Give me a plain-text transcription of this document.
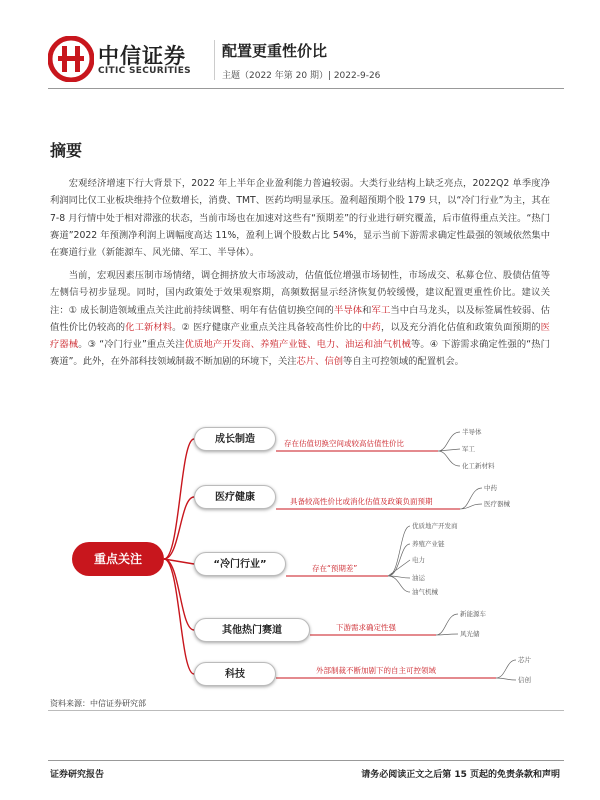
中信证券
CITIC SECURITIES
配置更重性价比
主题（2022 年第 20 期）| 2022-9-26
摘要

  宏观经济增速下行大背景下，2022 年上半年企业盈利能力普遍较弱。大类行业结构上缺乏亮点，2022Q2 单季度净利润同比仅工业板块维持个位数增长，消费、TMT、医药均明显承压。盈利超预期个股 179 只，以“冷门行业”为主，其在 7-8 月行情中处于相对滞涨的状态，当前市场也在加速对这些有“预期差”的行业进行研究覆盖，后市值得重点关注。“热门赛道”2022 年预测净利润上调幅度高达 11%，盈利上调个股数占比 54%，显示当前下游需求确定性最强的领域依然集中在赛道行业（新能源车、风光储、军工、半导体）。

  当前，宏观因素压制市场情绪，调仓拥挤放大市场波动，估值低位增强市场韧性，市场成交、私募仓位、股债估值等左侧信号初步显现。同时，国内政策处于效果观察期，高频数据显示经济恢复仍较缓慢，建议配置更重性价比。建议关注：① 成长制造领域重点关注此前持续调整、明年有估值切换空间的半导体和军工当中白马龙头，以及标签属性较弱、估值性价比仍较高的化工新材料。② 医疗健康产业重点关注具备较高性价比的中药，以及充分消化估值和政策负面预期的医疗器械。③ “冷门行业”重点关注优质地产开发商、养殖产业链、电力、油运和油气机械等。④ 下游需求确定性强的“热门赛道”。此外，在外部科技领域制裁不断加剧的环境下，关注芯片、信创等自主可控领域的配置机会。

重点关注
成长制造
医疗健康
“冷门行业”
其他热门赛道
科技
存在估值切换空间或较高估值性价比
具备较高性价比或消化估值及政策负面预期
存在“预期差”
下游需求确定性强
外部制裁不断加剧下的自主可控领域
半导体
军工
化工新材料
中药
医疗器械
优质地产开发商
养殖产业链
电力
油运
油气机械
新能源车
风光储
芯片
信创
资料来源：中信证券研究部
证券研究报告	请务必阅读正文之后第 15 页起的免责条款和声明
